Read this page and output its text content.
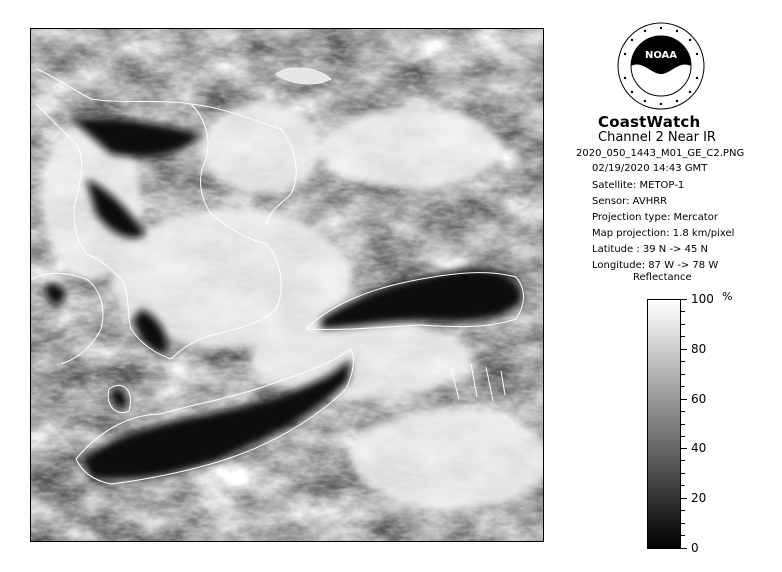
NOAA
CoastWatch
Channel 2 Near IR
2020_050_1443_M01_GE_C2.PNG
02/19/2020 14:43 GMT
Satellite: METOP-1
Sensor: AVHRR
Projection type: Mercator
Map projection: 1.8 km/pixel
Latitude : 39 N -> 45 N
Longitude: 87 W -> 78 W
Reflectance
%
100
80
60
40
20
0
